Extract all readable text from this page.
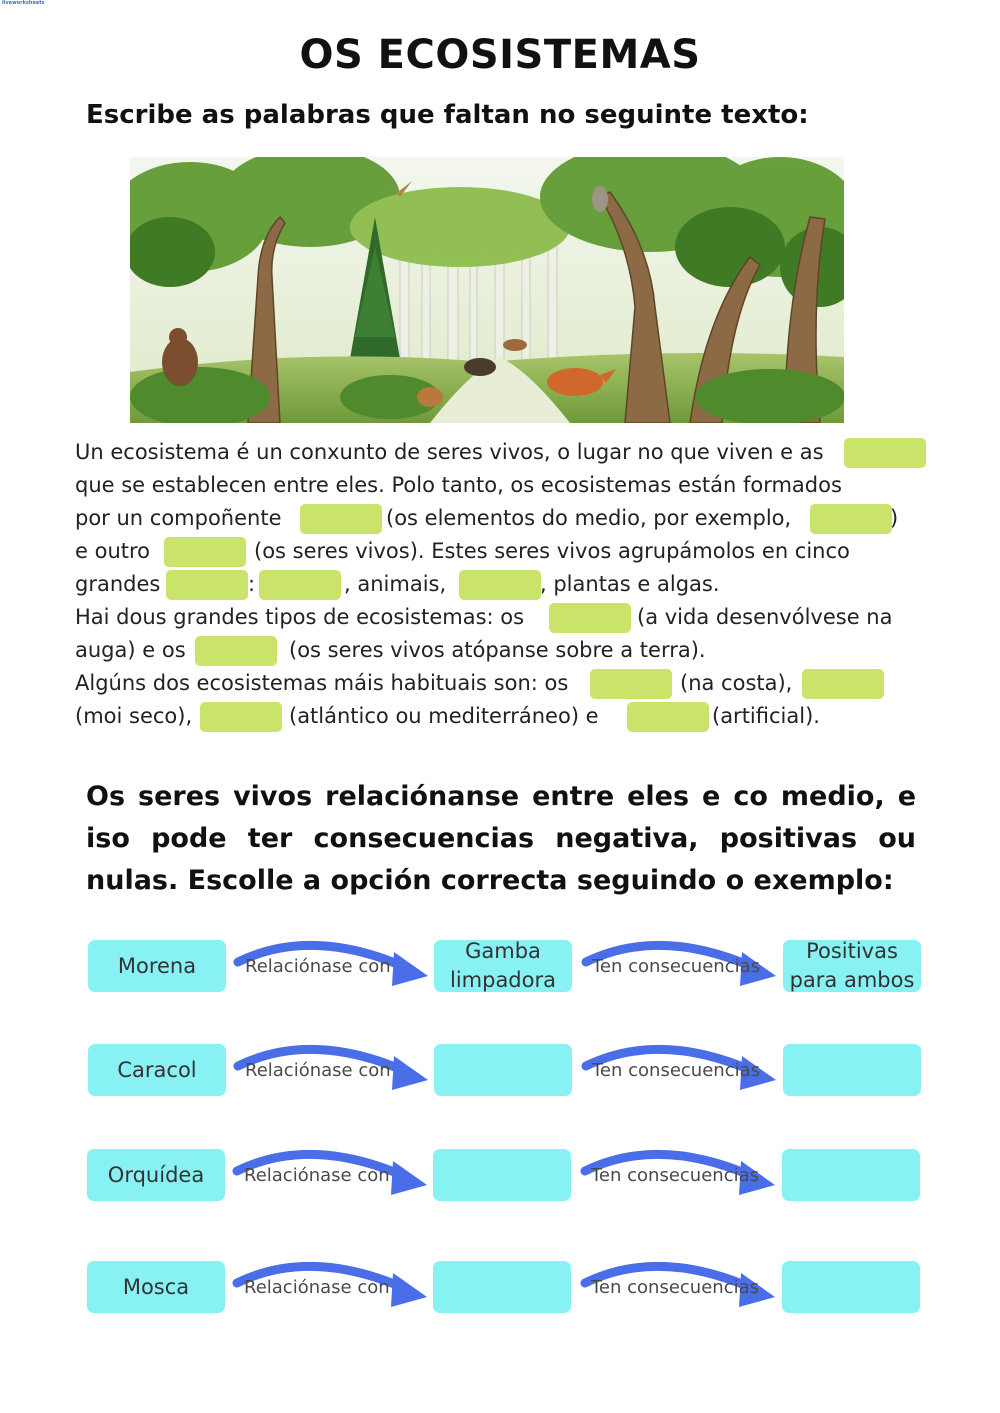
liveworksheets
OS ECOSISTEMAS
Escribe as palabras que faltan no seguinte texto:
Un ecosistema é un conxunto de seres vivos, o lugar no que viven e as
que se establecen entre eles. Polo tanto, os ecosistemas están formados
por un compoñente	(os elementos do medio, por exemplo,	)
e outro	(os seres vivos). Estes seres vivos agrupámolos en cinco
grandes	:	, animais,	, plantas e algas.
Hai dous grandes tipos de ecosistemas: os	(a vida desenvólvese na
auga) e os	(os seres vivos atópanse sobre a terra).
Algúns dos ecosistemas máis habituais son: os	(na costa),
(moi seco),	(atlántico ou mediterráneo) e	(artificial).
Os seres vivos relaciónanse entre eles e co medio, e iso pode ter consecuencias negativa, positivas ou nulas. Escolle a opción correcta seguindo o exemplo:
Morena	Relaciónase con
Gamba limpadora
Ten consecuencias
Positivas para ambos
Caracol	Relaciónase con	Ten consecuencias
Orquídea	Relaciónase con	Ten consecuencias
Mosca	Relaciónase con	Ten consecuencias
